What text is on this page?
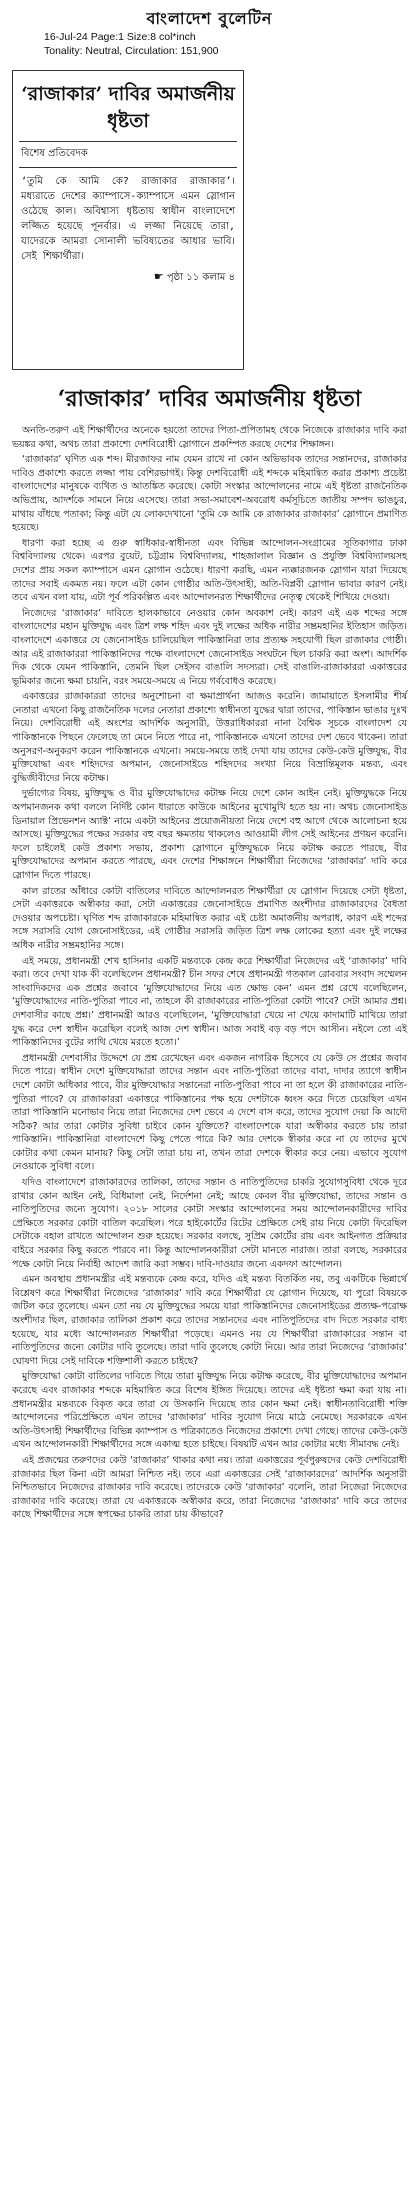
বাংলাদেশ বুলেটিন
16-Jul-24 Page:1 Size:8 col*inch
Tonality: Neutral, Circulation: 151,900
‘রাজাকার’ দাবির অমার্জনীয় ধৃষ্টতা
বিশেষ প্রতিবেদক
‘তুমি কে আমি কে? রাজাকার রাজাকার’। মধ্যরাতে দেশের ক্যাম্পাসে-ক্যাম্পাসে এমন স্লোগান ওঠেছে কাল। অবিশ্বাস্য ধৃষ্টতায় স্বাধীন বাংলাদেশে লজ্জিত হয়েছে পূনর্বার। এ লজ্জা নিয়েছে তারা, যাদেরকে আমরা সোনালী ভবিষ্যতের আধার ভাবি। সেই শিক্ষার্থীরা।
☛ পৃষ্ঠা ১১ কলাম ৪
‘রাজাকার’ দাবির অমার্জনীয় ধৃষ্টতা

অনতি-তরুণ এই শিক্ষার্থীদের অনেকে হয়তো তাদের পিতা-প্রপিতামহ থেকে নিজেকে রাজাকার দাবি করা ভয়ঙ্কর কথা, অথচ তারা প্রকাশ্যে দেশবিরোধী স্লোগানে প্রকম্পিত করছে দেশের শিক্ষাঙ্গন।

‘রাজাকার’ ঘৃণিত এক শব্দ। মীরজাফর নাম যেমন রাখে না কোন অভিভাবক তাদের সন্তানদের, রাজাকার দাবিও প্রকাশ্যে করতে লজ্জা পায় বেশিরভাগই। কিন্তু দেশবিরোধী এই শব্দকে মহিমান্বিত করার প্রকাশ্য প্রচেষ্টা বাংলাদেশের মানুষকে ব্যথিত ও আতঙ্কিত করেছে। কোটা সংস্কার আন্দোলনের নামে এই ধৃষ্টতা রাজনৈতিক অভিপ্রায়, আদর্শকে সামনে নিয়ে এসেছে। তারা সভা-সমাবেশ-অবরোধ কর্মসূচিতে জাতীয় সম্পদ ভাঙচুর, মাথায় বাঁধছে পতাকা; কিন্তু এটা যে লোকদেখানো ‘তুমি কে আমি কে রাজাকার রাজাকার’ স্লোগানে প্রমাণিত হয়েছে।

ধারণা করা হচ্ছে এ গুরু স্বাধিকার-স্বাধীনতা এবং বিভিন্ন আন্দোলন-সংগ্রামের সূতিকাগার ঢাকা বিশ্ববিদ্যালয় থেকে। এরপর বুয়েট, চট্টগ্রাম বিশ্ববিদ্যালয়, শাহজালাল বিজ্ঞান ও প্রযুক্তি বিশ্ববিদ্যালয়সহ দেশের প্রায় সকল ক্যাম্পাসে এমন স্লোগান ওঠেছে। ধারণা করছি, এমন ন্যক্কারজনক স্লোগান যারা দিয়েছে তাদের সবাই একমত নয়। ফলে এটা কোন গোষ্ঠীর অতি-উৎসাহী, অতি-বিপ্লবী স্লোগান ভাবার কারণ নেই। তবে এখন বলা যায়, এটা পূর্ব পরিকল্পিত এবং আন্দোলনরত শিক্ষার্থীদের নেতৃত্ব থেকেই শিখিয়ে দেওয়া।

নিজেদের ‘রাজাকার’ দাবিতে হালকাভাবে নেওয়ার কোন অবকাশ নেই। কারণ এই এক শব্দের সঙ্গে বাংলাদেশের মহান মুক্তিযুদ্ধ এবং ত্রিশ লক্ষ শহিদ এবং দুই লক্ষের অধিক নারীর সম্ভ্রমহানির ইতিহাস জড়িত। বাংলাদেশে একাত্তরে যে জেনোসাইড চালিয়েছিল পাকিস্তানিরা তার প্রত্যক্ষ সহযোগী ছিল রাজাকার গোষ্ঠী। আর এই রাজাকাররা পাকিস্তানিদের পক্ষে বাংলাদেশে জেনোসাইড সংঘটনে ছিল চাকরি করা অংশ। আদর্শিক দিক থেকে যেমন পাকিস্তানি, তেমনি ছিল সেইসব বাঙালি সদস্যরা। সেই বাঙালি-রাজাকাররা একাত্তরের ভূমিকার জন্যে ক্ষমা চায়নি, বরং সময়ে-সময়ে এ নিয়ে গর্ববোধও করেছে।

একাত্তরের রাজাকাররা তাদের অনুশোচনা বা ক্ষমাপ্রার্থনা আজও করেনি। জামায়াতে ইসলামীর শীর্ষ নেতারা এখনো কিছু রাজনৈতিক দলের নেতারা প্রকাশ্যে স্বাধীনতা যুদ্ধের দ্বারা তাদের, পাকিস্তান ভাঙার দুঃখ নিয়ে। দেশবিরোধী এই অংশের আদর্শিক অনুসারী, উত্তরাধিকাররা নানা বৈশ্বিক সূচকে বাংলাদেশ যে পাকিস্তানকে পিছনে ফেলেছে তা মেনে নিতে পারে না, পাকিস্তানকে এখনো তাদের দেশ ভেবে থাকেন। তারা অনুসরণ-অনুকরণ করেন পাকিস্তানকে এখনো। সময়ে-সময়ে তাই দেখা যায় তাদের কেউ-কেউ মুক্তিযুদ্ধ, বীর মুক্তিযোদ্ধা এবং শহিদদের অপমান, জেনোসাইডে শহিদদের সংখ্যা নিয়ে বিভ্রান্তিমূলক মন্তব্য, এবং বুদ্ধিজীবীদের নিয়ে কটাক্ষ।

দুর্ভাগ্যের বিষয়, মুক্তিযুদ্ধ ও বীর মুক্তিযোদ্ধাদের কটাক্ষ নিয়ে দেশে কোন আইন নেই। মুক্তিযুদ্ধকে নিয়ে অপমানজনক কথা বললে নির্দিষ্ট কোন ধারাতে কাউকে আইনের মুখোমুখি হতে হয় না। অথচ জেনোসাইড ডিনায়াল প্রিভেনশন অ্যাক্ট’ নামে একটা আইনের প্রয়োজনীয়তা নিয়ে দেশে বহু আগে থেকে আলোচনা হয়ে আসছে। মুক্তিযুদ্ধের পক্ষের সরকার বহু বছর ক্ষমতায় থাকলেও আওয়ামী লীগ সেই আইনের প্রণয়ন করেনি। ফলে চাইলেই কেউ প্রকাশ্য সভায়, প্রকাশ্য স্লোগানে মুক্তিযুদ্ধকে নিয়ে কটাক্ষ করতে পারছে, বীর মুক্তিযোদ্ধাদের অপমান করতে পারছে, এবং দেশের শিক্ষাঙ্গনে শিক্ষার্থীরা নিজেদের ‘রাজাকার’ দাবি করে স্লোগান দিতে পারছে।

কাল রাতের আঁধারে কোটা বাতিলের দাবিতে আন্দোলনরত শিক্ষার্থীরা যে স্লোগান দিয়েছে সেটা ধৃষ্টতা, সেটা একাত্তরকে অস্বীকার করা, সেটা একাত্তরের জেনোসাইডে প্রমাণিত অংশীদার রাজাকারদের বৈধতা দেওয়ার অপচেষ্টা। ঘৃণিত শব্দ রাজাকারকে মহিমান্বিত করার এই চেষ্টা অমার্জনীয় অপরাধ, কারণ এই শব্দের সঙ্গে সরাসরি যোগ জেনোসাইডের, এই গোষ্ঠীর সরাসরি জড়িত ত্রিশ লক্ষ লোকের হত্যা এবং দুই লক্ষের অধিক নারীর সম্ভ্রমহানির সঙ্গে।

এই সময়ে, প্রধানমন্ত্রী শেখ হাসিনার একটি মন্তব্যকে কেন্দ্র করে শিক্ষার্থীরা নিজেদের এই ‘রাজাকার’ দাবি করা। তবে দেখা যাক কী বলেছিলেন প্রধানমন্ত্রী? চীন সফর শেষে প্রধানমন্ত্রী গতকাল রোববার সংবাদ সম্মেলন সাংবাদিকদের এক প্রশ্নের জবাবে ‘মুক্তিযোদ্ধাদের নিয়ে এত ক্ষোভ কেন’ এমন প্রশ্ন রেখে বলেছিলেন, ‘মুক্তিযোদ্ধাদের নাতি-পুতিরা পাবে না, তাহলে কী রাজাকারের নাতি-পুতিরা কোটা পাবে? সেটা আমার প্রশ্ন। দেশবাসীর কাছে প্রশ্ন।’ প্রধানমন্ত্রী আরও বলেছিলেন, ‘মুক্তিযোদ্ধারা খেয়ে না খেয়ে কাদামাটি মাখিয়ে তারা যুদ্ধ করে দেশ স্বাধীন করেছিল বলেই আজ দেশ স্বাধীন। আজ সবাই বড় বড় পদে আসীন। নইলে তো এই পাকিস্তানিদের বুটের লাথি খেয়ে মরতে হতো।’

প্রধানমন্ত্রী দেশবাসীর উদ্দেশে যে প্রশ্ন রেখেছেন এবং একজন নাগরিক হিসেবে যে কেউ সে প্রশ্নের জবাব দিতে পারে। স্বাধীন দেশে মুক্তিযোদ্ধারা তাদের সন্তান এবং নাতি-পুতিরা তাদের বাবা, দাদার ত্যাগে স্বাধীন দেশে কোটা অধিকার পাবে, বীর মুক্তিযোদ্ধার সন্তানেরা নাতি-পুতিরা পাবে না তা হলে কী রাজাকারের নাতি-পুতিরা পাবে? যে রাজাকাররা একাত্তরে পাকিস্তানের পক্ষ হয়ে দেশটাকে ধ্বংস করে দিতে চেয়েছিল এখন তারা পাকিস্তানি মনোভাব নিয়ে তারা নিজেদের দেশ ভেবে এ দেশে বাস করে, তাদের সুযোগ দেয়া কি আদৌ সঠিক? আর তারা কোটার সুবিধা চাইবে কোন যুক্তিতে? বাংলাদেশকে যারা অস্বীকার করতে চায় তারা পাকিস্তানি। পাকিস্তানিরা বাংলাদেশে কিছু পেতে পারে কি? আর দেশকে স্বীকার করে না যে তাদের মুখে কোটার কথা কেমন মানায়? কিছু সেটা তারা চায় না, তখন তারা দেশকে স্বীকার করে নেয়। এভাবে সুযোগ নেওয়াকে সুবিধা বলে।

যদিও বাংলাদেশে রাজাকারদের তালিকা, তাদের সন্তান ও নাতিপুতিদের চাকরি সুযোগসুবিধা থেকে দূরে রাখার কোন আইন নেই, বিধিমালা নেই, নির্দেশনা নেই; আছে কেবল বীর মুক্তিযোদ্ধা, তাদের সন্তান ও নাতিপুতিদের জন্যে সুযোগ। ২০১৮ সালের কোটা সংস্কার আন্দোলনের সময় আন্দোলনকারীদের দাবির প্রেক্ষিতে সরকার কোটা বাতিল করেছিল। পরে হাইকোর্টের রিটের প্রেক্ষিতে সেই রায় নিয়ে কোটা ফিরেছিল সেটাকে বহাল রাখতে আন্দোলন শুরু হয়েছে। সরকার বলছে, সুপ্রিম কোর্টের রায় এবং আইনগত প্রক্রিয়ার বাইরে সরকার কিছু করতে পারবে না। কিন্তু আন্দোলনকারীরা সেটা মানতে নারাজ। তারা বলছে, সরকারের পক্ষে কোটা নিয়ে নির্বাহী আদেশ জারি করা সম্ভব। দাবি-দাওয়ার জন্যে একদফা আন্দোলন।

এমন অবস্থায় প্রধানমন্ত্রীর এই মন্তব্যকে কেন্দ্র করে, যদিও এই মন্তব্য বিতর্কিত নয়, তবু একটিকে ভিন্নার্থে বিশ্লেষণ করে শিক্ষার্থীরা নিজেদের ‘রাজাকার’ দাবি করে শিক্ষার্থীরা যে স্লোগান দিয়েছে, যা পুরো বিষয়কে জটিল করে তুলেছে। এমন তো নয় যে মুক্তিযুদ্ধের সময়ে যারা পাকিস্তানিদের জেনোসাইডের প্রত্যক্ষ-পরোক্ষ অংশীদার ছিল, রাজাকার তালিকা প্রকাশ করে তাদের সন্তানদের এবং নাতিপুতিদের বাদ দিতে সরকার বাধ্য হয়েছে, যার মধ্যে আন্দোলনরত শিক্ষার্থীরা পড়েছে। এমনও নয় যে শিক্ষার্থীরা রাজাকারের সন্তান বা নাতিপুতিদের জন্যে কোটার দাবি তুলেছে। তারা দাবি তুলেছে কোটা নিয়ে। আর তারা নিজেদের ‘রাজাকার’ ঘোষণা দিয়ে সেই দাবিকে শক্তিশালী করতে চাইছে?

মুক্তিযোদ্ধা কোটা বাতিলের দাবিতে গিয়ে তারা মুক্তিযুদ্ধ নিয়ে কটাক্ষ করেছে, বীর মুক্তিযোদ্ধাদের অপমান করেছে এবং রাজাকার শব্দকে মহিমান্বিত করে বিশেষ ইঙ্গিত দিয়েছে। তাদের এই ধৃষ্টতা ক্ষমা করা যায় না। প্রধানমন্ত্রীর মন্তব্যকে বিকৃত করে তারা যে উসকানি দিয়েছে তার কোন ক্ষমা নেই। স্বাধীনতাবিরোধী শক্তি আন্দোলনের পরিপ্রেক্ষিতে এখন তাদের ‘রাজাকার’ দাবির সুযোগ নিয়ে মাঠে নেমেছে। সরকারকে এখন অতি-উৎসাহী শিক্ষার্থীদের বিভিন্ন ক্যাম্পাস ও পত্রিকাতেও নিজেদের প্রকাশ্যে দেখা গেছে। তাদের কেউ-কেউ এখন আন্দোলনকারী শিক্ষার্থীদের সঙ্গে একাত্ম হতে চাইছে। বিষয়টি এখন আর কোটার মধ্যে সীমাবদ্ধ নেই।

এই প্রজন্মের তরুণদের কেউ ‘রাজাকার’ থাকার কথা নয়। তারা একাত্তরের পূর্বপুরুষদের কেউ দেশবিরোধী রাজাকার ছিল কিনা এটা আমরা নিশ্চিত নই। তবে এরা একাত্তরের সেই ‘রাজাকারদের’ আদর্শিক অনুসারী নিশ্চিতভাবে নিজেদের রাজাকার দাবি করেছে। তাদেরকে কেউ ‘রাজাকার’ বলেনি, তারা নিজেরা নিজেদের রাজাকার দাবি করেছে। তারা যে একাত্তরকে অস্বীকার করে, তারা নিজেদের ‘রাজাকার’ দাবি করে তাদের কাছে শিক্ষার্থীদের সঙ্গে স্বপক্ষের চাকরি তারা চায় কীভাবে?
